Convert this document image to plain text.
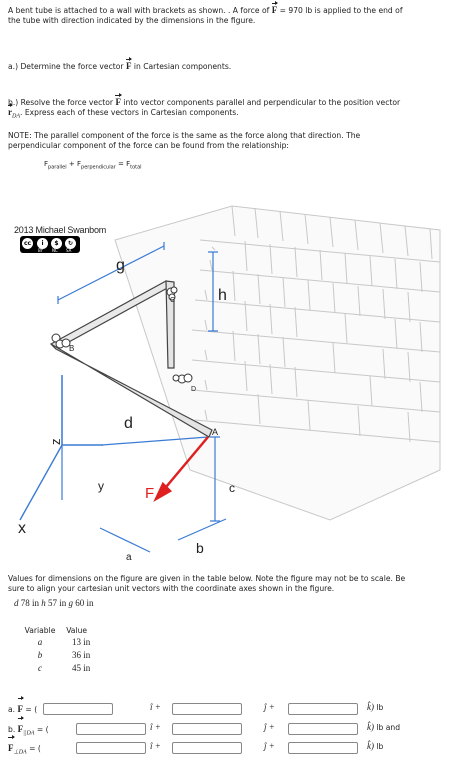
A bent tube is attached to a wall with brackets as shown. . A force of F = 970 lb is applied to the end of
the tube with direction indicated by the dimensions in the figure.

a.) Determine the force vector F in Cartesian components.

b.) Resolve the force vector F into vector components parallel and perpendicular to the position vector
$r_{DA}$. Express each of these vectors in Cartesian components.

NOTE: The parallel component of the force is the same as the force along that direction. The
perpendicular component of the force can be found from the relationship:

$F_{parallel} + F_{perpendicular} = F_{total}$
2013 Michael Swanbom
cc	i	$	↻
BY NC SA
g
h
A
B
C
D
d
c
b
a
F
x
y
z

Values for dimensions on the figure are given in the table below. Note the figure may not be to scale. Be
sure to align your cartesian unit vectors with the coordinate axes shown in the figure.

d 78 in h 57 in g 60 in
Variable	Value
a	13 in
b	36 in
c	45 in
a. F = (	î +	ĵ +	k̂) lb
b. $F_{||DA}$ = (	î +	ĵ +	k̂) lb and
$F_{\perp DA}$ = (	î +	ĵ +	k̂) lb
